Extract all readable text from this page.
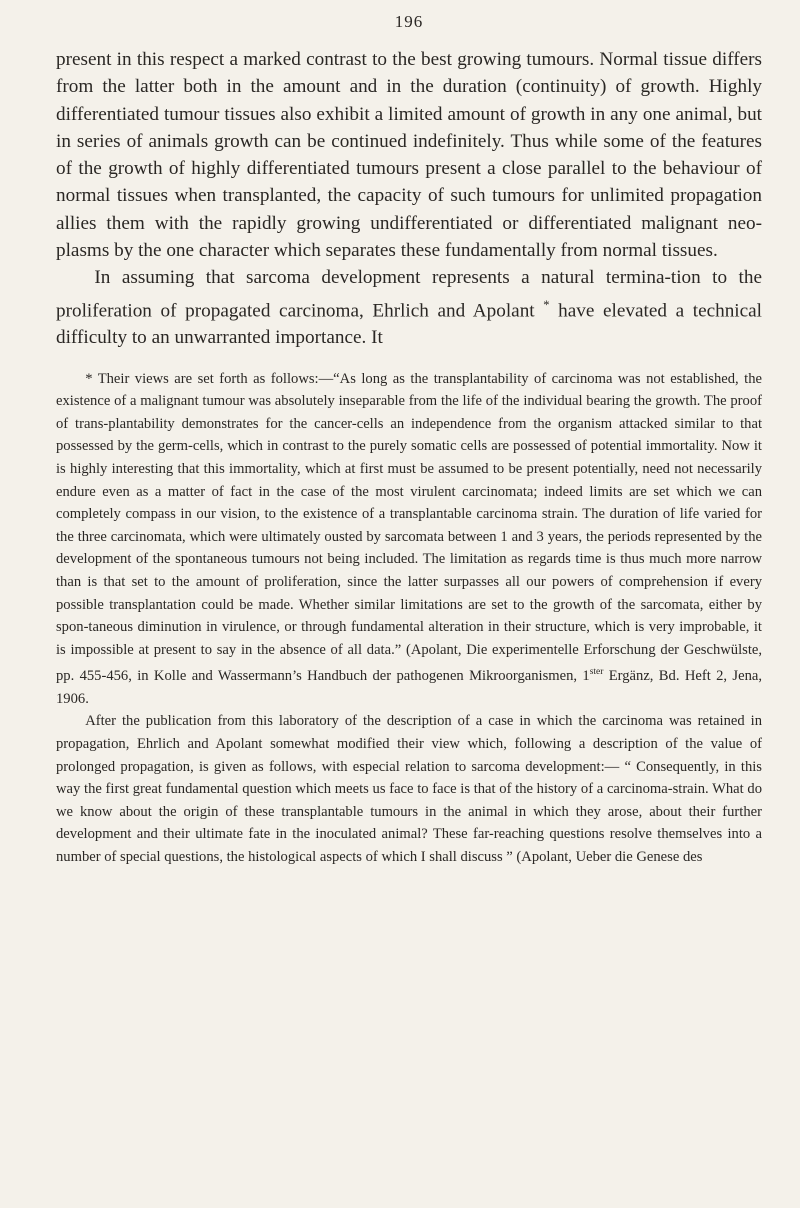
196

present in this respect a marked contrast to the best growing tumours. Normal tissue differs from the latter both in the amount and in the duration (continuity) of growth. Highly differentiated tumour tissues also exhibit a limited amount of growth in any one animal, but in series of animals growth can be continued indefinitely. Thus while some of the features of the growth of highly differentiated tumours present a close parallel to the behaviour of normal tissues when transplanted, the capacity of such tumours for unlimited propagation allies them with the rapidly growing undifferentiated or differentiated malignant neo-plasms by the one character which separates these fundamentally from normal tissues.

In assuming that sarcoma development represents a natural termina-tion to the proliferation of propagated carcinoma, Ehrlich and Apolant * have elevated a technical difficulty to an unwarranted importance. It

* Their views are set forth as follows:—“As long as the transplantability of carcinoma was not established, the existence of a malignant tumour was absolutely inseparable from the life of the individual bearing the growth. The proof of trans-plantability demonstrates for the cancer-cells an independence from the organism attacked similar to that possessed by the germ-cells, which in contrast to the purely somatic cells are possessed of potential immortality. Now it is highly interesting that this immortality, which at first must be assumed to be present potentially, need not necessarily endure even as a matter of fact in the case of the most virulent carcinomata; indeed limits are set which we can completely compass in our vision, to the existence of a transplantable carcinoma strain. The duration of life varied for the three carcinomata, which were ultimately ousted by sarcomata between 1 and 3 years, the periods represented by the development of the spontaneous tumours not being included. The limitation as regards time is thus much more narrow than is that set to the amount of proliferation, since the latter surpasses all our powers of comprehension if every possible transplantation could be made. Whether similar limitations are set to the growth of the sarcomata, either by spon-taneous diminution in virulence, or through fundamental alteration in their structure, which is very improbable, it is impossible at present to say in the absence of all data.” (Apolant, Die experimentelle Erforschung der Geschwülste, pp. 455-456, in Kolle and Wassermann’s Handbuch der pathogenen Mikroorganismen, $1^{ster}$ Ergänz, Bd. Heft 2, Jena, 1906.

After the publication from this laboratory of the description of a case in which the carcinoma was retained in propagation, Ehrlich and Apolant somewhat modified their view which, following a description of the value of prolonged propagation, is given as follows, with especial relation to sarcoma development:— “ Consequently, in this way the first great fundamental question which meets us face to face is that of the history of a carcinoma-strain. What do we know about the origin of these transplantable tumours in the animal in which they arose, about their further development and their ultimate fate in the inoculated animal? These far-reaching questions resolve themselves into a number of special questions, the histological aspects of which I shall discuss ” (Apolant, Ueber die Genese des
